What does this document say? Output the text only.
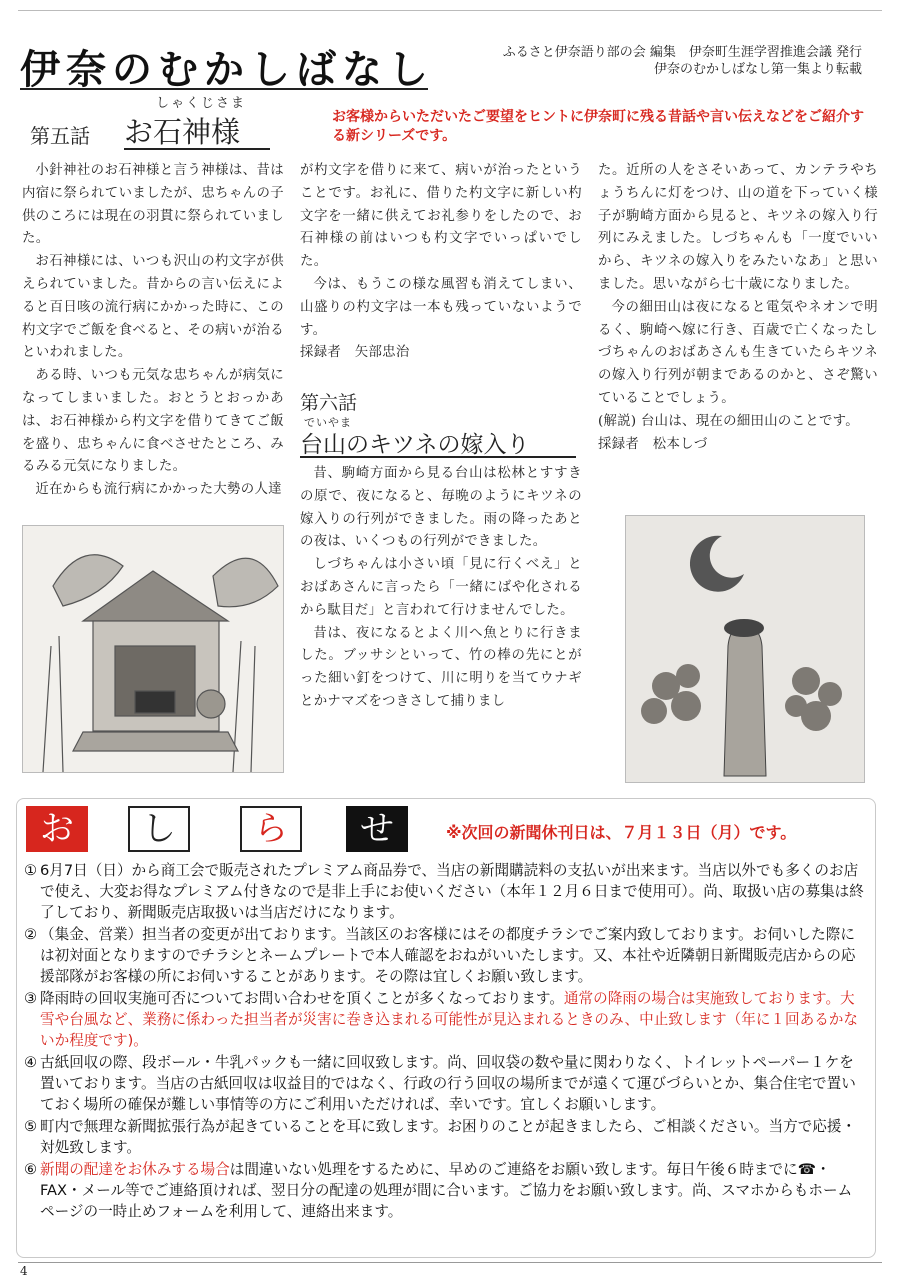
伊奈のむかしばなし	ふるさと伊奈語り部の会 編集　伊奈町生涯学習推進会議 発行
伊奈のむかしばなし第一集より転載
第五話
しゃくじさま
お石神様	お客様からいただいたご要望をヒントに伊奈町に残る昔話や言い伝えなどをご紹介する新シリーズです。

小針神社のお石神様と言う神様は、昔は内宿に祭られていましたが、忠ちゃんの子供のころには現在の羽貫に祭られていました。

お石神様には、いつも沢山の杓文字が供えられていました。昔からの言い伝えによると百日咳の流行病にかかった時に、この杓文字でご飯を食べると、その病いが治るといわれました。

ある時、いつも元気な忠ちゃんが病気になってしまいました。おとうとおっかあは、お石神様から杓文字を借りてきてご飯を盛り、忠ちゃんに食べさせたところ、みるみる元気になりました。

近在からも流行病にかかった大勢の人達

が杓文字を借りに来て、病いが治ったということです。お礼に、借りた杓文字に新しい杓文字を一緒に供えてお礼参りをしたので、お石神様の前はいつも杓文字でいっぱいでした。

今は、もうこの様な風習も消えてしまい、山盛りの杓文字は一本も残っていないようです。

採録者　矢部忠治

第六話
でいやま
台山のキツネの嫁入り

昔、駒崎方面から見る台山は松林とすすきの原で、夜になると、毎晩のようにキツネの嫁入りの行列ができました。雨の降ったあとの夜は、いくつもの行列ができました。

しづちゃんは小さい頃「見に行くべえ」とおばあさんに言ったら「一緒にばや化されるから駄目だ」と言われて行けませんでした。

昔は、夜になるとよく川へ魚とりに行きました。ブッサシといって、竹の棒の先にとがった細い釘をつけて、川に明りを当てウナギとかナマズをつきさして捕りまし

た。近所の人をさそいあって、カンテラやちょうちんに灯をつけ、山の道を下っていく様子が駒崎方面から見ると、キツネの嫁入り行列にみえました。しづちゃんも「一度でいいから、キツネの嫁入りをみたいなあ」と思いました。思いながら七十歳になりました。

今の細田山は夜になると電気やネオンで明るく、駒崎へ嫁に行き、百歳で亡くなったしづちゃんのおばあさんも生きていたらキツネの嫁入り行列が朝まであるのかと、さぞ驚いていることでしょう。

(解説) 台山は、現在の細田山のことです。

採録者　松本しづ

お	し	ら	せ	※次回の新聞休刊日は、７月１３日（月）です。
① 6月7日（日）から商工会で販売されたプレミアム商品券で、当店の新聞購読料の支払いが出来ます。当店以外でも多くのお店で使え、大変お得なプレミアム付きなので是非上手にお使いください（本年１２月６日まで使用可）。尚、取扱い店の募集は終了しており、新聞販売店取扱いは当店だけになります。
② （集金、営業）担当者の変更が出ております。当該区のお客様にはその都度チラシでご案内致しております。お伺いした際には初対面となりますのでチラシとネームプレートで本人確認をおねがいいたします。又、本社や近隣朝日新聞販売店からの応援部隊がお客様の所にお伺いすることがあります。その際は宜しくお願い致します。
③ 降雨時の回収実施可否についてお問い合わせを頂くことが多くなっております。通常の降雨の場合は実施致しております。大雪や台風など、業務に係わった担当者が災害に巻き込まれる可能性が見込まれるときのみ、中止致します（年に１回あるかないか程度です)。
④ 古紙回収の際、段ボール・牛乳パックも一緒に回収致します。尚、回収袋の数や量に関わりなく、トイレットペーパー１ケを置いております。当店の古紙回収は収益目的ではなく、行政の行う回収の場所までが遠くて運びづらいとか、集合住宅で置いておく場所の確保が難しい事情等の方にご利用いただければ、幸いです。宜しくお願いします。
⑤ 町内で無理な新聞拡張行為が起きていることを耳に致します。お困りのことが起きましたら、ご相談ください。当方で応援・対処致します。
⑥ 新聞の配達をお休みする場合は間違いない処理をするために、早めのご連絡をお願い致します。毎日午後６時までに☎・FAX・メール等でご連絡頂ければ、翌日分の配達の処理が間に合います。ご協力をお願い致します。尚、スマホからもホームページの一時止めフォームを利用して、連絡出来ます。
4
